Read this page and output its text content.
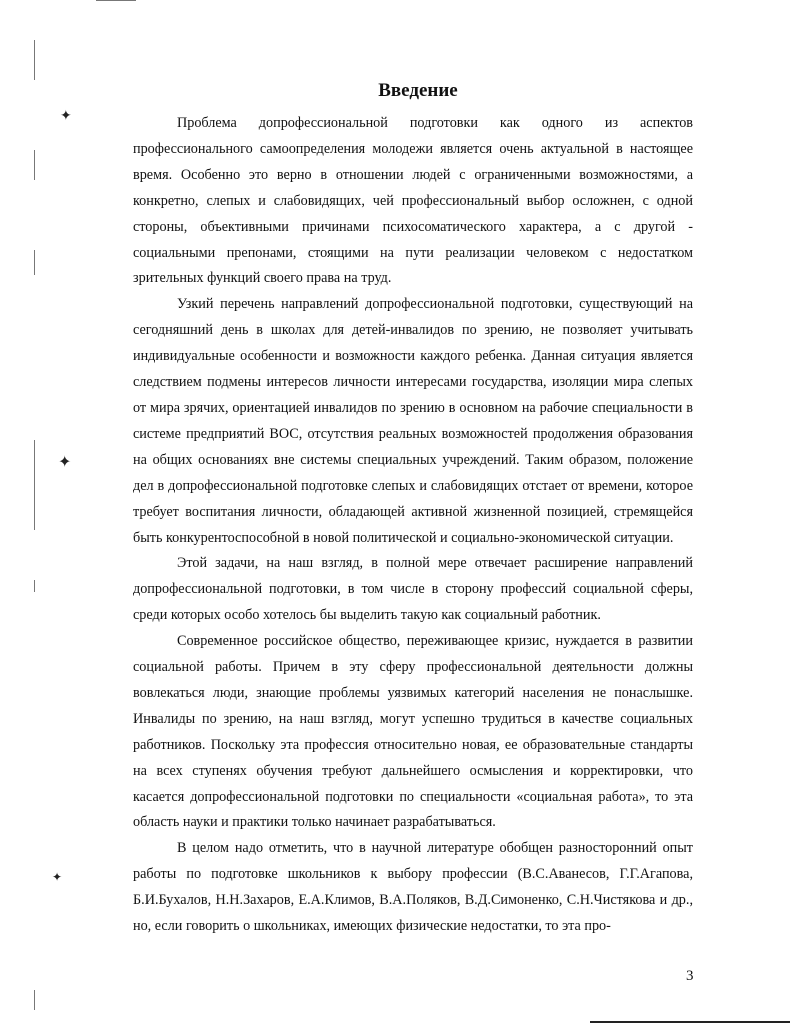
✦
✦
✦
Введение

Проблема допрофессиональной подготовки как одного из аспектов профессионального самоопределения молодежи является очень актуальной в настоящее время. Особенно это верно в отношении людей с ограниченными возможностями, а конкретно, слепых и слабовидящих, чей профессиональный выбор осложнен, с одной стороны, объективными причинами психосоматического характера, а с другой - социальными препонами, стоящими на пути реализации человеком с недостатком зрительных функций своего права на труд.

Узкий перечень направлений допрофессиональной подготовки, существующий на сегодняшний день в школах для детей-инвалидов по зрению, не позволяет учитывать индивидуальные особенности и возможности каждого ребенка. Данная ситуация является следствием подмены интересов личности интересами государства, изоляции мира слепых от мира зрячих, ориентацией инвалидов по зрению в основном на рабочие специальности в системе предприятий ВОС, отсутствия реальных возможностей продолжения образования на общих основаниях вне системы специальных учреждений. Таким образом, положение дел в допрофессиональной подготовке слепых и слабовидящих отстает от времени, которое требует воспитания личности, обладающей активной жизненной позицией, стремящейся быть конкурентоспособной в новой политической и социально-экономической ситуации.

Этой задачи, на наш взгляд, в полной мере отвечает расширение направлений допрофессиональной подготовки, в том числе в сторону профессий социальной сферы, среди которых особо хотелось бы выделить такую как социальный работник.

Современное российское общество, переживающее кризис, нуждается в развитии социальной работы. Причем в эту сферу профессиональной деятельности должны вовлекаться люди, знающие проблемы уязвимых категорий населения не понаслышке. Инвалиды по зрению, на наш взгляд, могут успешно трудиться в качестве социальных работников. Поскольку эта профессия относительно новая, ее образовательные стандарты на всех ступенях обучения требуют дальнейшего осмысления и корректировки, что касается допрофессиональной подготовки по специальности «социальная работа», то эта область науки и практики только начинает разрабатываться.

В целом надо отметить, что в научной литературе обобщен разносторонний опыт работы по подготовке школьников к выбору профессии (В.С.Аванесов, Г.Г.Агапова, Б.И.Бухалов, Н.Н.Захаров, Е.А.Климов, В.А.Поляков, В.Д.Симоненко, С.Н.Чистякова и др., но, если говорить о школьниках, имеющих физические недостатки, то эта про-

3
